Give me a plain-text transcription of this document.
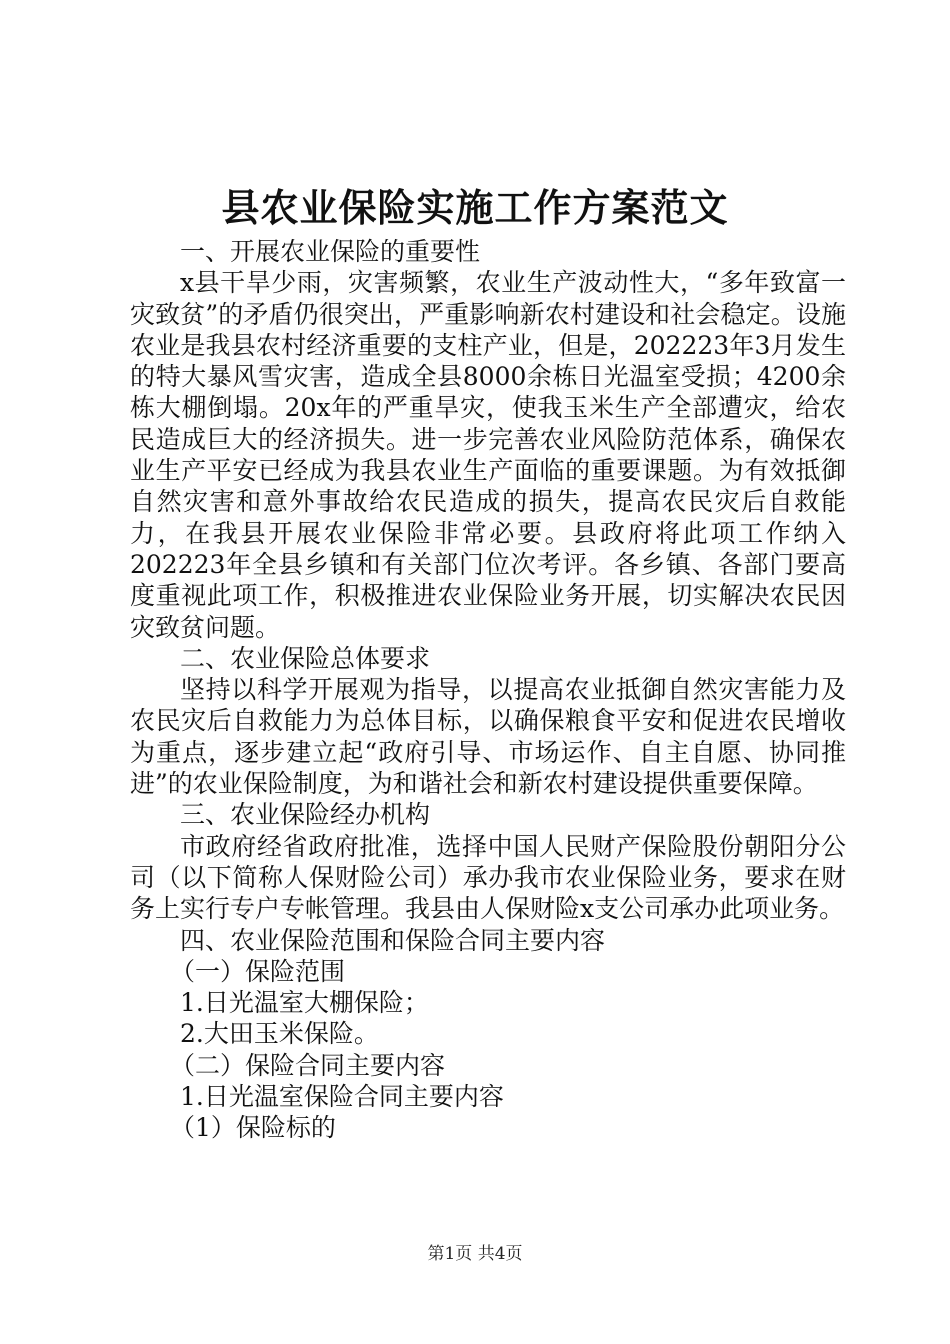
县农业保险实施工作方案范文

一、开展农业保险的重要性

x县干旱少雨，灾害频繁，农业生产波动性大，“多年致富一灾致贫”的矛盾仍很突出，严重影响新农村建设和社会稳定。设施农业是我县农村经济重要的支柱产业，但是，202223年3月发生的特大暴风雪灾害，造成全县8000余栋日光温室受损；4200余栋大棚倒塌。20x年的严重旱灾，使我玉米生产全部遭灾，给农民造成巨大的经济损失。进一步完善农业风险防范体系，确保农业生产平安已经成为我县农业生产面临的重要课题。为有效抵御自然灾害和意外事故给农民造成的损失，提高农民灾后自救能力，在我县开展农业保险非常必要。县政府将此项工作纳入202223年全县乡镇和有关部门位次考评。各乡镇、各部门要高度重视此项工作，积极推进农业保险业务开展，切实解决农民因灾致贫问题。

二、农业保险总体要求

坚持以科学开展观为指导，以提高农业抵御自然灾害能力及农民灾后自救能力为总体目标，以确保粮食平安和促进农民增收为重点，逐步建立起“政府引导、市场运作、自主自愿、协同推进”的农业保险制度，为和谐社会和新农村建设提供重要保障。

三、农业保险经办机构

市政府经省政府批准，选择中国人民财产保险股份朝阳分公司（以下简称人保财险公司）承办我市农业保险业务，要求在财务上实行专户专帐管理。我县由人保财险x支公司承办此项业务。

四、农业保险范围和保险合同主要内容

（一）保险范围

1.日光温室大棚保险；

2.大田玉米保险。

（二）保险合同主要内容

1.日光温室保险合同主要内容

（1）保险标的

第1页 共4页
